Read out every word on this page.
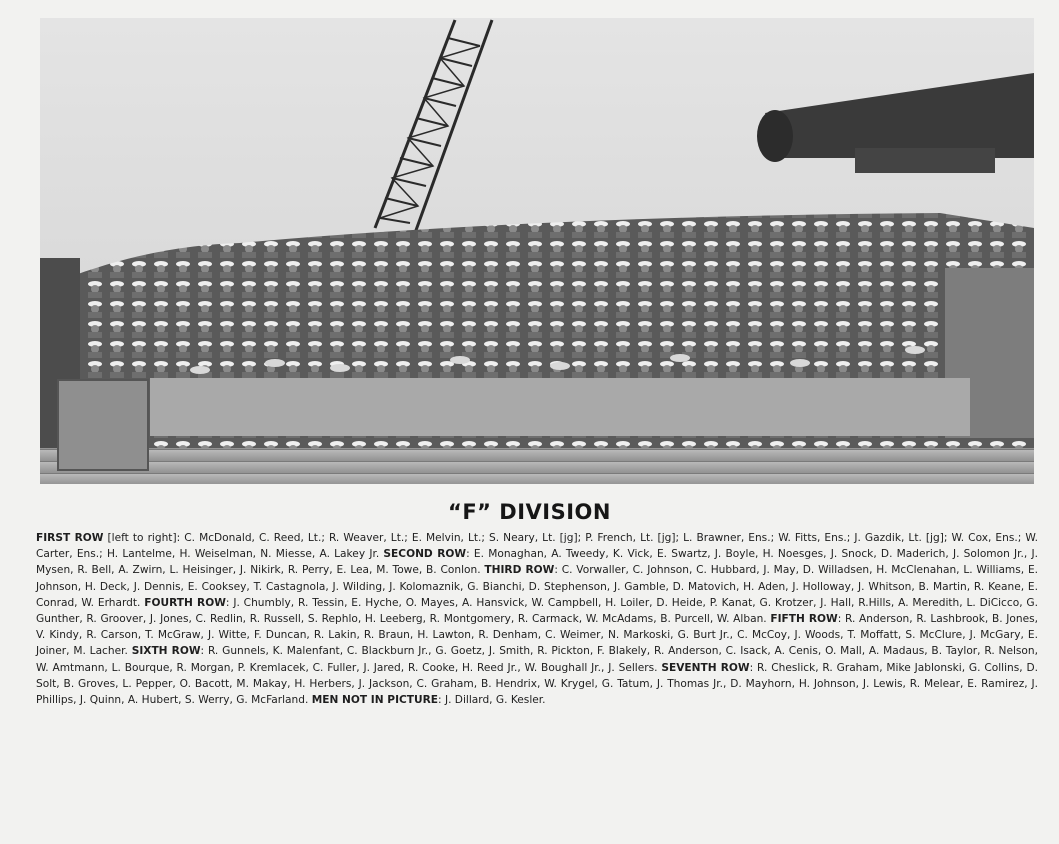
“F” DIVISION

FIRST ROW [left to right]: C. McDonald, C. Reed, Lt.; R. Weaver, Lt.; E. Melvin, Lt.; S. Neary, Lt. [jg]; P. French, Lt. [jg]; L. Brawner, Ens.; W. Fitts, Ens.; J. Gazdik, Lt. [jg]; W. Cox, Ens.; W. Carter, Ens.; H. Lantelme, H. Weiselman, N. Miesse, A. Lakey Jr. SECOND ROW: E. Monaghan, A. Tweedy, K. Vick, E. Swartz, J. Boyle, H. Noesges, J. Snock, D. Maderich, J. Solomon Jr., J. Mysen, R. Bell, A. Zwirn, L. Heisinger, J. Nikirk, R. Perry, E. Lea, M. Towe, B. Conlon. THIRD ROW: C. Vorwaller, C. Johnson, C. Hubbard, J. May, D. Willadsen, H. McClenahan, L. Williams, E. Johnson, H. Deck, J. Dennis, E. Cooksey, T. Castagnola, J. Wilding, J. Kolomaznik, G. Bianchi, D. Stephenson, J. Gamble, D. Matovich, H. Aden, J. Holloway, J. Whitson, B. Martin, R. Keane, E. Conrad, W. Erhardt. FOURTH ROW: J. Chumbly, R. Tessin, E. Hyche, O. Mayes, A. Hansvick, W. Campbell, H. Loiler, D. Heide, P. Kanat, G. Krotzer, J. Hall, R.Hills, A. Meredith, L. DiCicco, G. Gunther, R. Groover, J. Jones, C. Redlin, R. Russell, S. Rephlo, H. Leeberg, R. Montgomery, R. Carmack, W. McAdams, B. Purcell, W. Alban. FIFTH ROW: R. Anderson, R. Lashbrook, B. Jones, V. Kindy, R. Carson, T. McGraw, J. Witte, F. Duncan, R. Lakin, R. Braun, H. Lawton, R. Denham, C. Weimer, N. Markoski, G. Burt Jr., C. McCoy, J. Woods, T. Moffatt, S. McClure, J. McGary, E. Joiner, M. Lacher. SIXTH ROW: R. Gunnels, K. Malenfant, C. Blackburn Jr., G. Goetz, J. Smith, R. Pickton, F. Blakely, R. Anderson, C. Isack, A. Cenis, O. Mall, A. Madaus, B. Taylor, R. Nelson, W. Amtmann, L. Bourque, R. Morgan, P. Kremlacek, C. Fuller, J. Jared, R. Cooke, H. Reed Jr., W. Boughall Jr., J. Sellers. SEVENTH ROW: R. Cheslick, R. Graham, Mike Jablonski, G. Collins, D. Solt, B. Groves, L. Pepper, O. Bacott, M. Makay, H. Herbers, J. Jackson, C. Graham, B. Hendrix, W. Krygel, G. Tatum, J. Thomas Jr., D. Mayhorn, H. Johnson, J. Lewis, R. Melear, E. Ramirez, J. Phillips, J. Quinn, A. Hubert, S. Werry, G. McFarland. MEN NOT IN PICTURE: J. Dillard, G. Kesler.
